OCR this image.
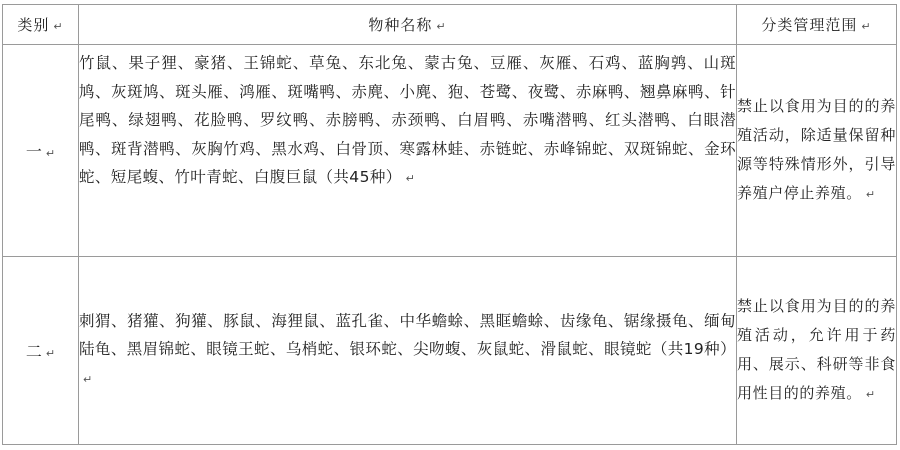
类别 ↵	物种名称 ↵	分类管理范围 ↵
一 ↵	竹鼠、果子狸、豪猪、王锦蛇、草兔、东北兔、蒙古兔、豆雁、灰雁、石鸡、蓝胸鹑、山斑鸠、灰斑鸠、斑头雁、鸿雁、斑嘴鸭、赤麂、小麂、狍、苍鹭、夜鹭、赤麻鸭、翘鼻麻鸭、针尾鸭、绿翅鸭、花脸鸭、罗纹鸭、赤膀鸭、赤颈鸭、白眉鸭、赤嘴潜鸭、红头潜鸭、白眼潜鸭、斑背潜鸭、灰胸竹鸡、黑水鸡、白骨顶、寒露林蛙、赤链蛇、赤峰锦蛇、双斑锦蛇、金环蛇、短尾蝮、竹叶青蛇、白腹巨鼠（共45种） ↵	禁止以食用为目的的养殖活动，除适量保留种源等特殊情形外，引导养殖户停止养殖。 ↵
二 ↵	刺猬、猪獾、狗獾、豚鼠、海狸鼠、蓝孔雀、中华蟾蜍、黑眶蟾蜍、齿缘龟、锯缘摄龟、缅甸陆龟、黑眉锦蛇、眼镜王蛇、乌梢蛇、银环蛇、尖吻蝮、灰鼠蛇、滑鼠蛇、眼镜蛇（共19种）↵	禁止以食用为目的的养殖活动，允许用于药用、展示、科研等非食用性目的的养殖。 ↵
